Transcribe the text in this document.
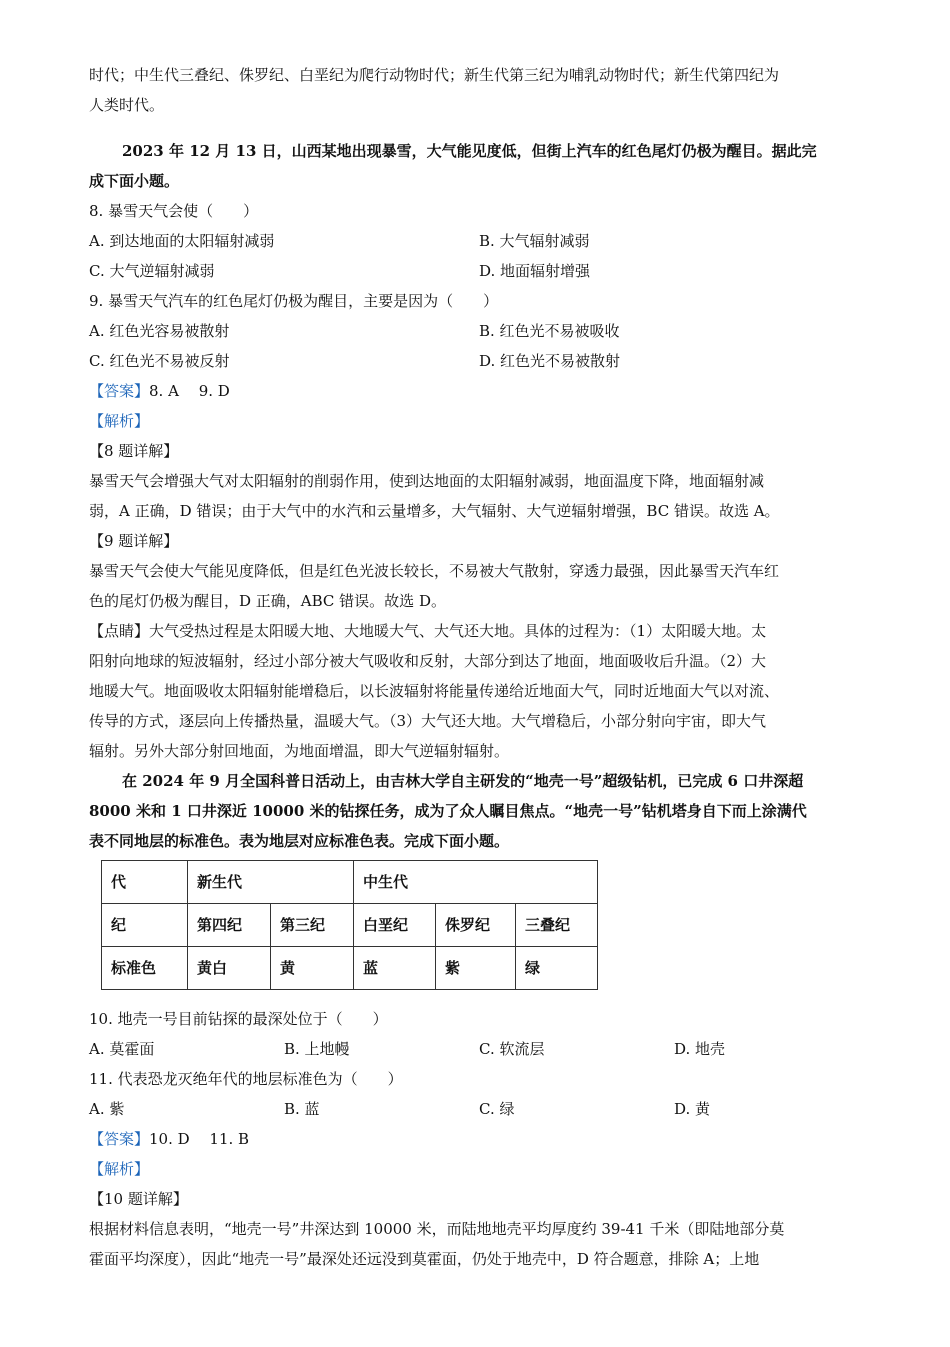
时代；中生代三叠纪、侏罗纪、白垩纪为爬行动物时代；新生代第三纪为哺乳动物时代；新生代第四纪为

人类时代。

2023 年 12 月 13 日，山西某地出现暴雪，大气能见度低，但街上汽车的红色尾灯仍极为醒目。据此完

成下面小题。

8. 暴雪天气会使（　　）

A. 到达地面的太阳辐射减弱	B. 大气辐射减弱
C. 大气逆辐射减弱	D. 地面辐射增强

9. 暴雪天气汽车的红色尾灯仍极为醒目，主要是因为（　　）

A. 红色光容易被散射	B. 红色光不易被吸收
C. 红色光不易被反射	D. 红色光不易被散射

【答案】8. A　 9. D

【解析】

【8 题详解】

暴雪天气会增强大气对太阳辐射的削弱作用，使到达地面的太阳辐射减弱，地面温度下降，地面辐射减

弱，A 正确，D 错误；由于大气中的水汽和云量增多，大气辐射、大气逆辐射增强，BC 错误。故选 A。

【9 题详解】

暴雪天气会使大气能见度降低，但是红色光波长较长，不易被大气散射，穿透力最强，因此暴雪天汽车红

色的尾灯仍极为醒目，D 正确，ABC 错误。故选 D。

【点睛】大气受热过程是太阳暖大地、大地暖大气、大气还大地。具体的过程为：（1）太阳暖大地。太

阳射向地球的短波辐射，经过小部分被大气吸收和反射，大部分到达了地面，地面吸收后升温。（2）大

地暖大气。地面吸收太阳辐射能增稳后，以长波辐射将能量传递给近地面大气，同时近地面大气以对流、

传导的方式，逐层向上传播热量，温暖大气。（3）大气还大地。大气增稳后，小部分射向宇宙，即大气

辐射。另外大部分射回地面，为地面增温，即大气逆辐射辐射。

在 2024 年 9 月全国科普日活动上，由吉林大学自主研发的“地壳一号”超级钻机，已完成 6 口井深超

8000 米和 1 口井深近 10000 米的钻探任务，成为了众人瞩目焦点。“地壳一号”钻机塔身自下而上涂满代

表不同地层的标准色。表为地层对应标准色表。完成下面小题。

代	新生代		中生代		
纪	第四纪	第三纪	白垩纪	侏罗纪	三叠纪
标准色	黄白	黄	蓝	紫	绿

10. 地壳一号目前钻探的最深处位于（　　）

A. 莫霍面	B. 上地幔	C. 软流层	D. 地壳

11. 代表恐龙灭绝年代的地层标准色为（　　）

A. 紫	B. 蓝	C. 绿	D. 黄

【答案】10. D　 11. B

【解析】

【10 题详解】

根据材料信息表明，“地壳一号”井深达到 10000 米，而陆地地壳平均厚度约 39-41 千米（即陆地部分莫

霍面平均深度），因此“地壳一号”最深处还远没到莫霍面，仍处于地壳中，D 符合题意，排除 A；上地
